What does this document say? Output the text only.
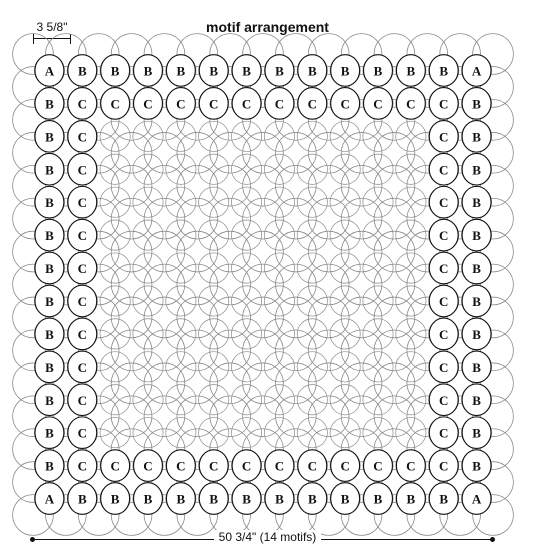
motif arrangement
3 5/8"
A B B B B B B B B B B B B A
B C C C C C C C C C C C C B
B C	C B
B C	C B
B C	C B
B C	C B
B C	C B
B C	C B
B C	C B
B C	C B
B C	C B
B C	C B
B C C C C C C C C C C C C B
A B B B B B B B B B B B B A
50 3/4" (14 motifs)
